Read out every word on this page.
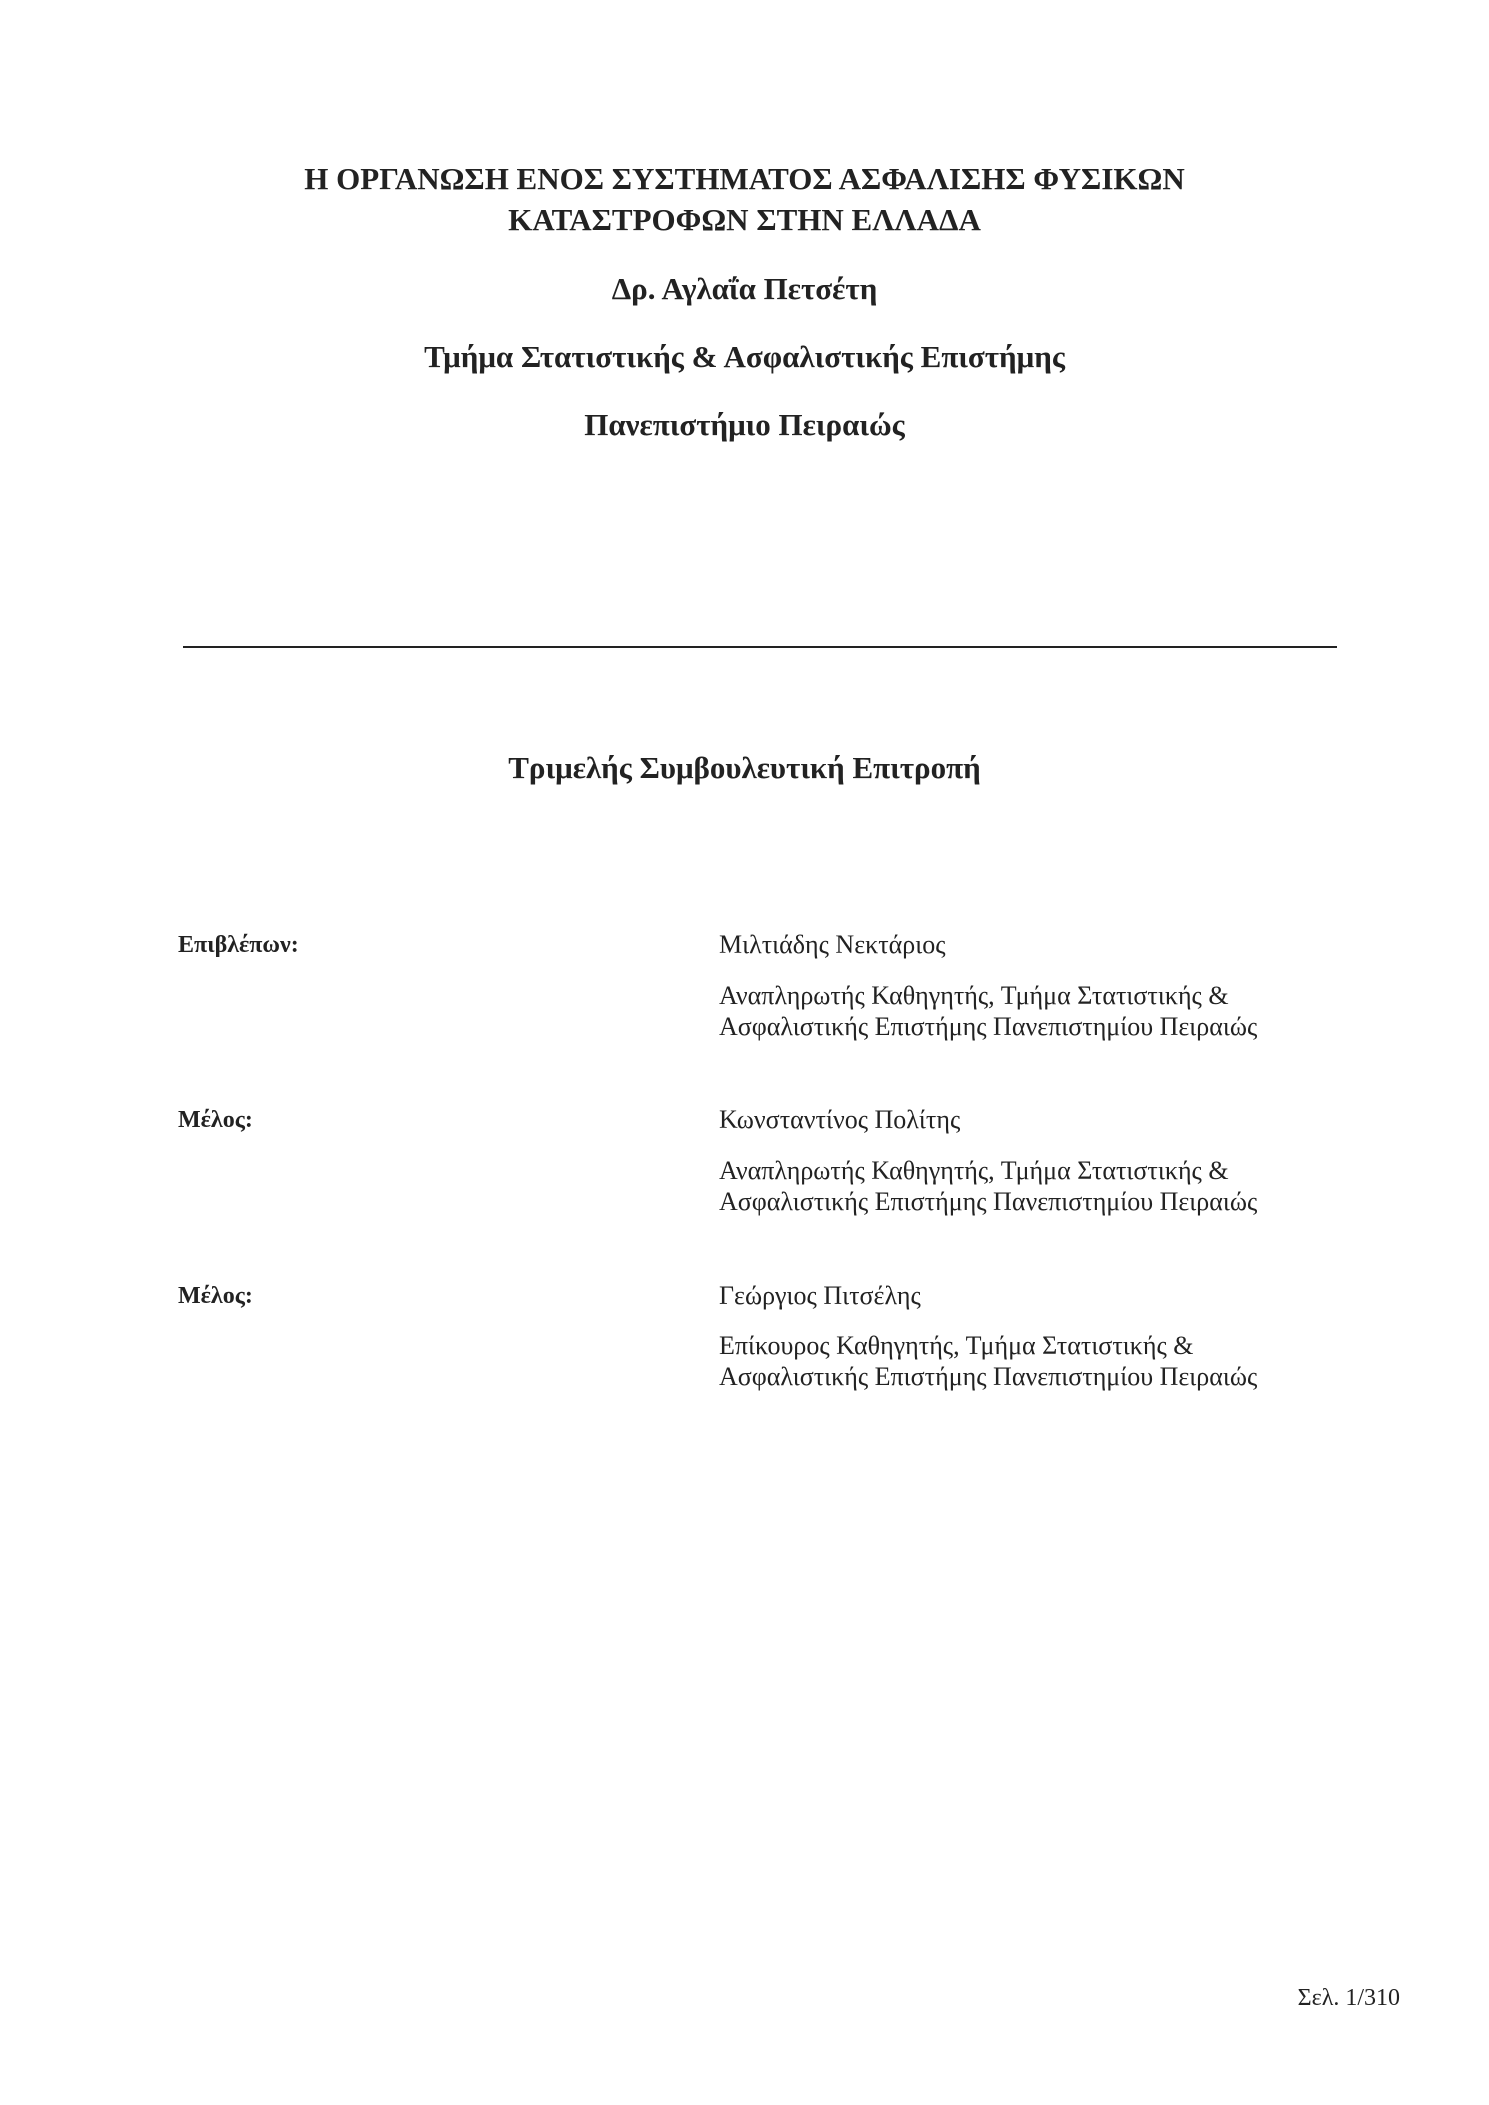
Η ΟΡΓΑΝΩΣΗ ΕΝΟΣ ΣΥΣΤΗΜΑΤΟΣ ΑΣΦΑΛΙΣΗΣ ΦΥΣΙΚΩΝ
ΚΑΤΑΣΤΡΟΦΩΝ ΣΤΗΝ ΕΛΛΑΔΑ
Δρ. Αγλαΐα Πετσέτη
Τμήμα Στατιστικής & Ασφαλιστικής Επιστήμης
Πανεπιστήμιο Πειραιώς
Τριμελής Συμβουλευτική Επιτροπή
Επιβλέπων:	Μιλτιάδης Νεκτάριος
Αναπληρωτής Καθηγητής, Τμήμα Στατιστικής &
Ασφαλιστικής Επιστήμης Πανεπιστημίου Πειραιώς
Μέλος:	Κωνσταντίνος Πολίτης
Αναπληρωτής Καθηγητής, Τμήμα Στατιστικής &
Ασφαλιστικής Επιστήμης Πανεπιστημίου Πειραιώς
Μέλος:	Γεώργιος Πιτσέλης
Επίκουρος Καθηγητής, Τμήμα Στατιστικής &
Ασφαλιστικής Επιστήμης Πανεπιστημίου Πειραιώς
Σελ. 1/310
